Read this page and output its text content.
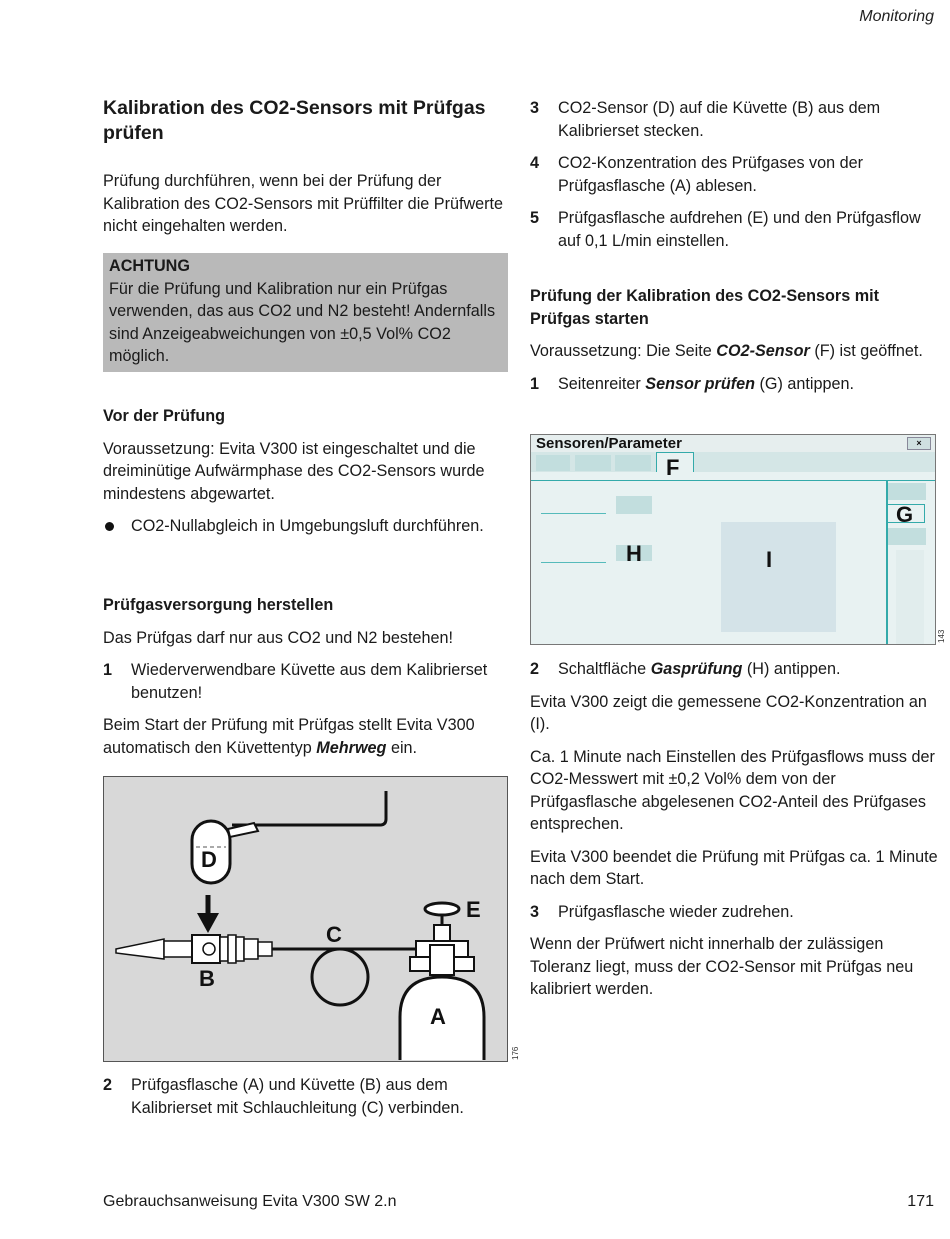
Monitoring
Kalibration des CO2-Sensors mit Prüfgas prüfen

Prüfung durchführen, wenn bei der Prüfung der Kalibration des CO2-Sensors mit Prüffilter die Prüfwerte nicht eingehalten werden.

ACHTUNG
Für die Prüfung und Kalibration nur ein Prüfgas verwenden, das aus CO2 und N2 besteht! Andernfalls sind Anzeigeabweichungen von ±0,5 Vol% CO2 möglich.
Vor der Prüfung

Voraussetzung: Evita V300 ist eingeschaltet und die dreiminütige Aufwärmphase des CO2-Sensors wurde mindestens abgewartet.

CO2-Nullabgleich in Umgebungsluft durchführen.
Prüfgasversorgung herstellen

Das Prüfgas darf nur aus CO2 und N2 bestehen!

1 Wiederverwendbare Küvette aus dem Kalibrierset benutzen!

Beim Start der Prüfung mit Prüfgas stellt Evita V300 automatisch den Küvettentyp Mehrweg ein.

D
B
C
E
A
176
2 Prüfgasflasche (A) und Küvette (B) aus dem Kalibrierset mit Schlauchleitung (C) verbinden.
3 CO2-Sensor (D) auf die Küvette (B) aus dem Kalibrierset stecken.
4 CO2-Konzentration des Prüfgases von der Prüfgasflasche (A) ablesen.
5 Prüfgasflasche aufdrehen (E) und den Prüfgasflow auf 0,1 L/min einstellen.
Prüfung der Kalibration des CO2-Sensors mit Prüfgas starten

Voraussetzung: Die Seite CO2-Sensor (F) ist geöffnet.

1 Seitenreiter Sensor prüfen (G) antippen.
Sensoren/Parameter	×
F
G
H	I
143
2 Schaltfläche Gasprüfung (H) antippen.

Evita V300 zeigt die gemessene CO2-Konzentration an (I).

Ca. 1 Minute nach Einstellen des Prüfgasflows muss der CO2-Messwert mit ±0,2 Vol% dem von der Prüfgasflasche abgelesenen CO2-Anteil des Prüfgases entsprechen.

Evita V300 beendet die Prüfung mit Prüfgas ca. 1 Minute nach dem Start.

3 Prüfgasflasche wieder zudrehen.

Wenn der Prüfwert nicht innerhalb der zulässigen Toleranz liegt, muss der CO2-Sensor mit Prüfgas neu kalibriert werden.

Gebrauchsanweisung Evita V300 SW 2.n	171
